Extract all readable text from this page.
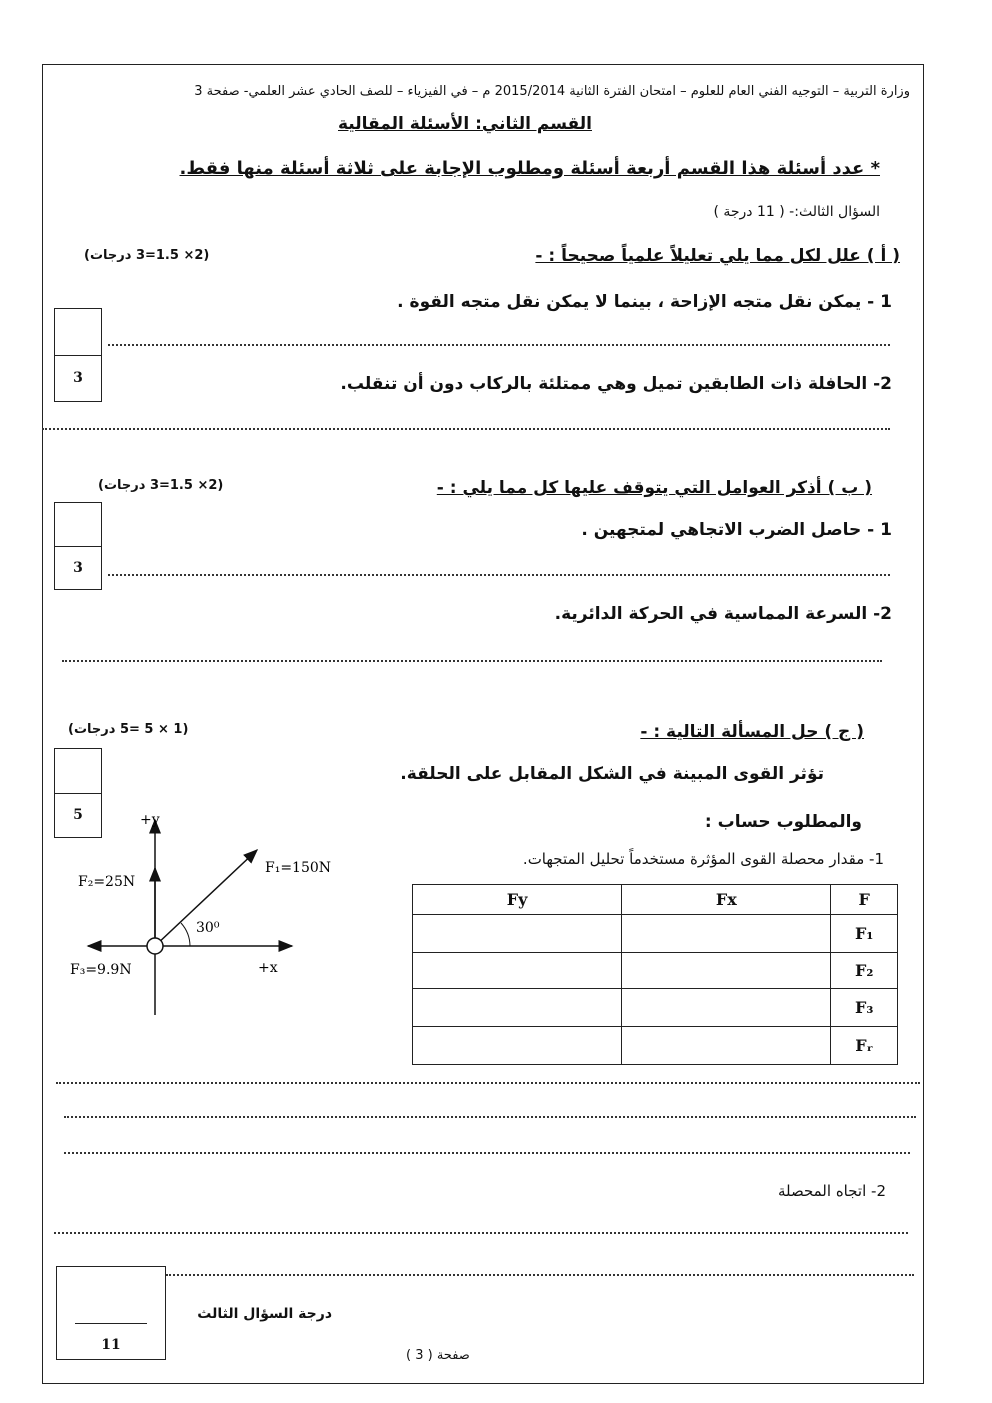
وزارة التربية – التوجيه الفني العام للعلوم – امتحان الفترة الثانية 2015/2014 م – في الفيزياء – للصف الحادي عشر العلمي- صفحة 3
القسم الثاني: الأسئلة المقالية
* عدد أسئلة هذا القسم أربعة أسئلة ومطلوب الإجابة على ثلاثة أسئلة منها فقط.
السؤال الثالث:- ( 11 درجة )
( أ ) علل لكل مما يلي تعليلاً علمياً صحيحاً : -
(2× 1.5=3 درجات)
1 - يمكن نقل متجه الإزاحة ، بينما لا يمكن نقل متجه القوة .
2- الحافلة ذات الطابقين تميل وهي ممتلئة بالركاب دون أن تنقلب.
3
( ب ) أذكر العوامل التي يتوقف عليها كل مما يلي : -
(2× 1.5=3 درجات)
1 - حاصل الضرب الاتجاهي لمتجهين .
2- السرعة المماسية في الحركة الدائرية.
3
( ج ) حل المسألة التالية : -
(1 × 5 =5 درجات)
5
تؤثر القوى المبينة في الشكل المقابل على الحلقة.
والمطلوب حساب :
1- مقدار محصلة القوى المؤثرة مستخدماً تحليل المتجهات.
+y
+x
F₁=150N
F₂=25N
F₃=9.9N
30⁰
Fy	Fx	F
		F₁
		F₂
		F₃
		Fᵣ
2- اتجاه المحصلة
11
درجة السؤال الثالث
صفحة ( 3 )
